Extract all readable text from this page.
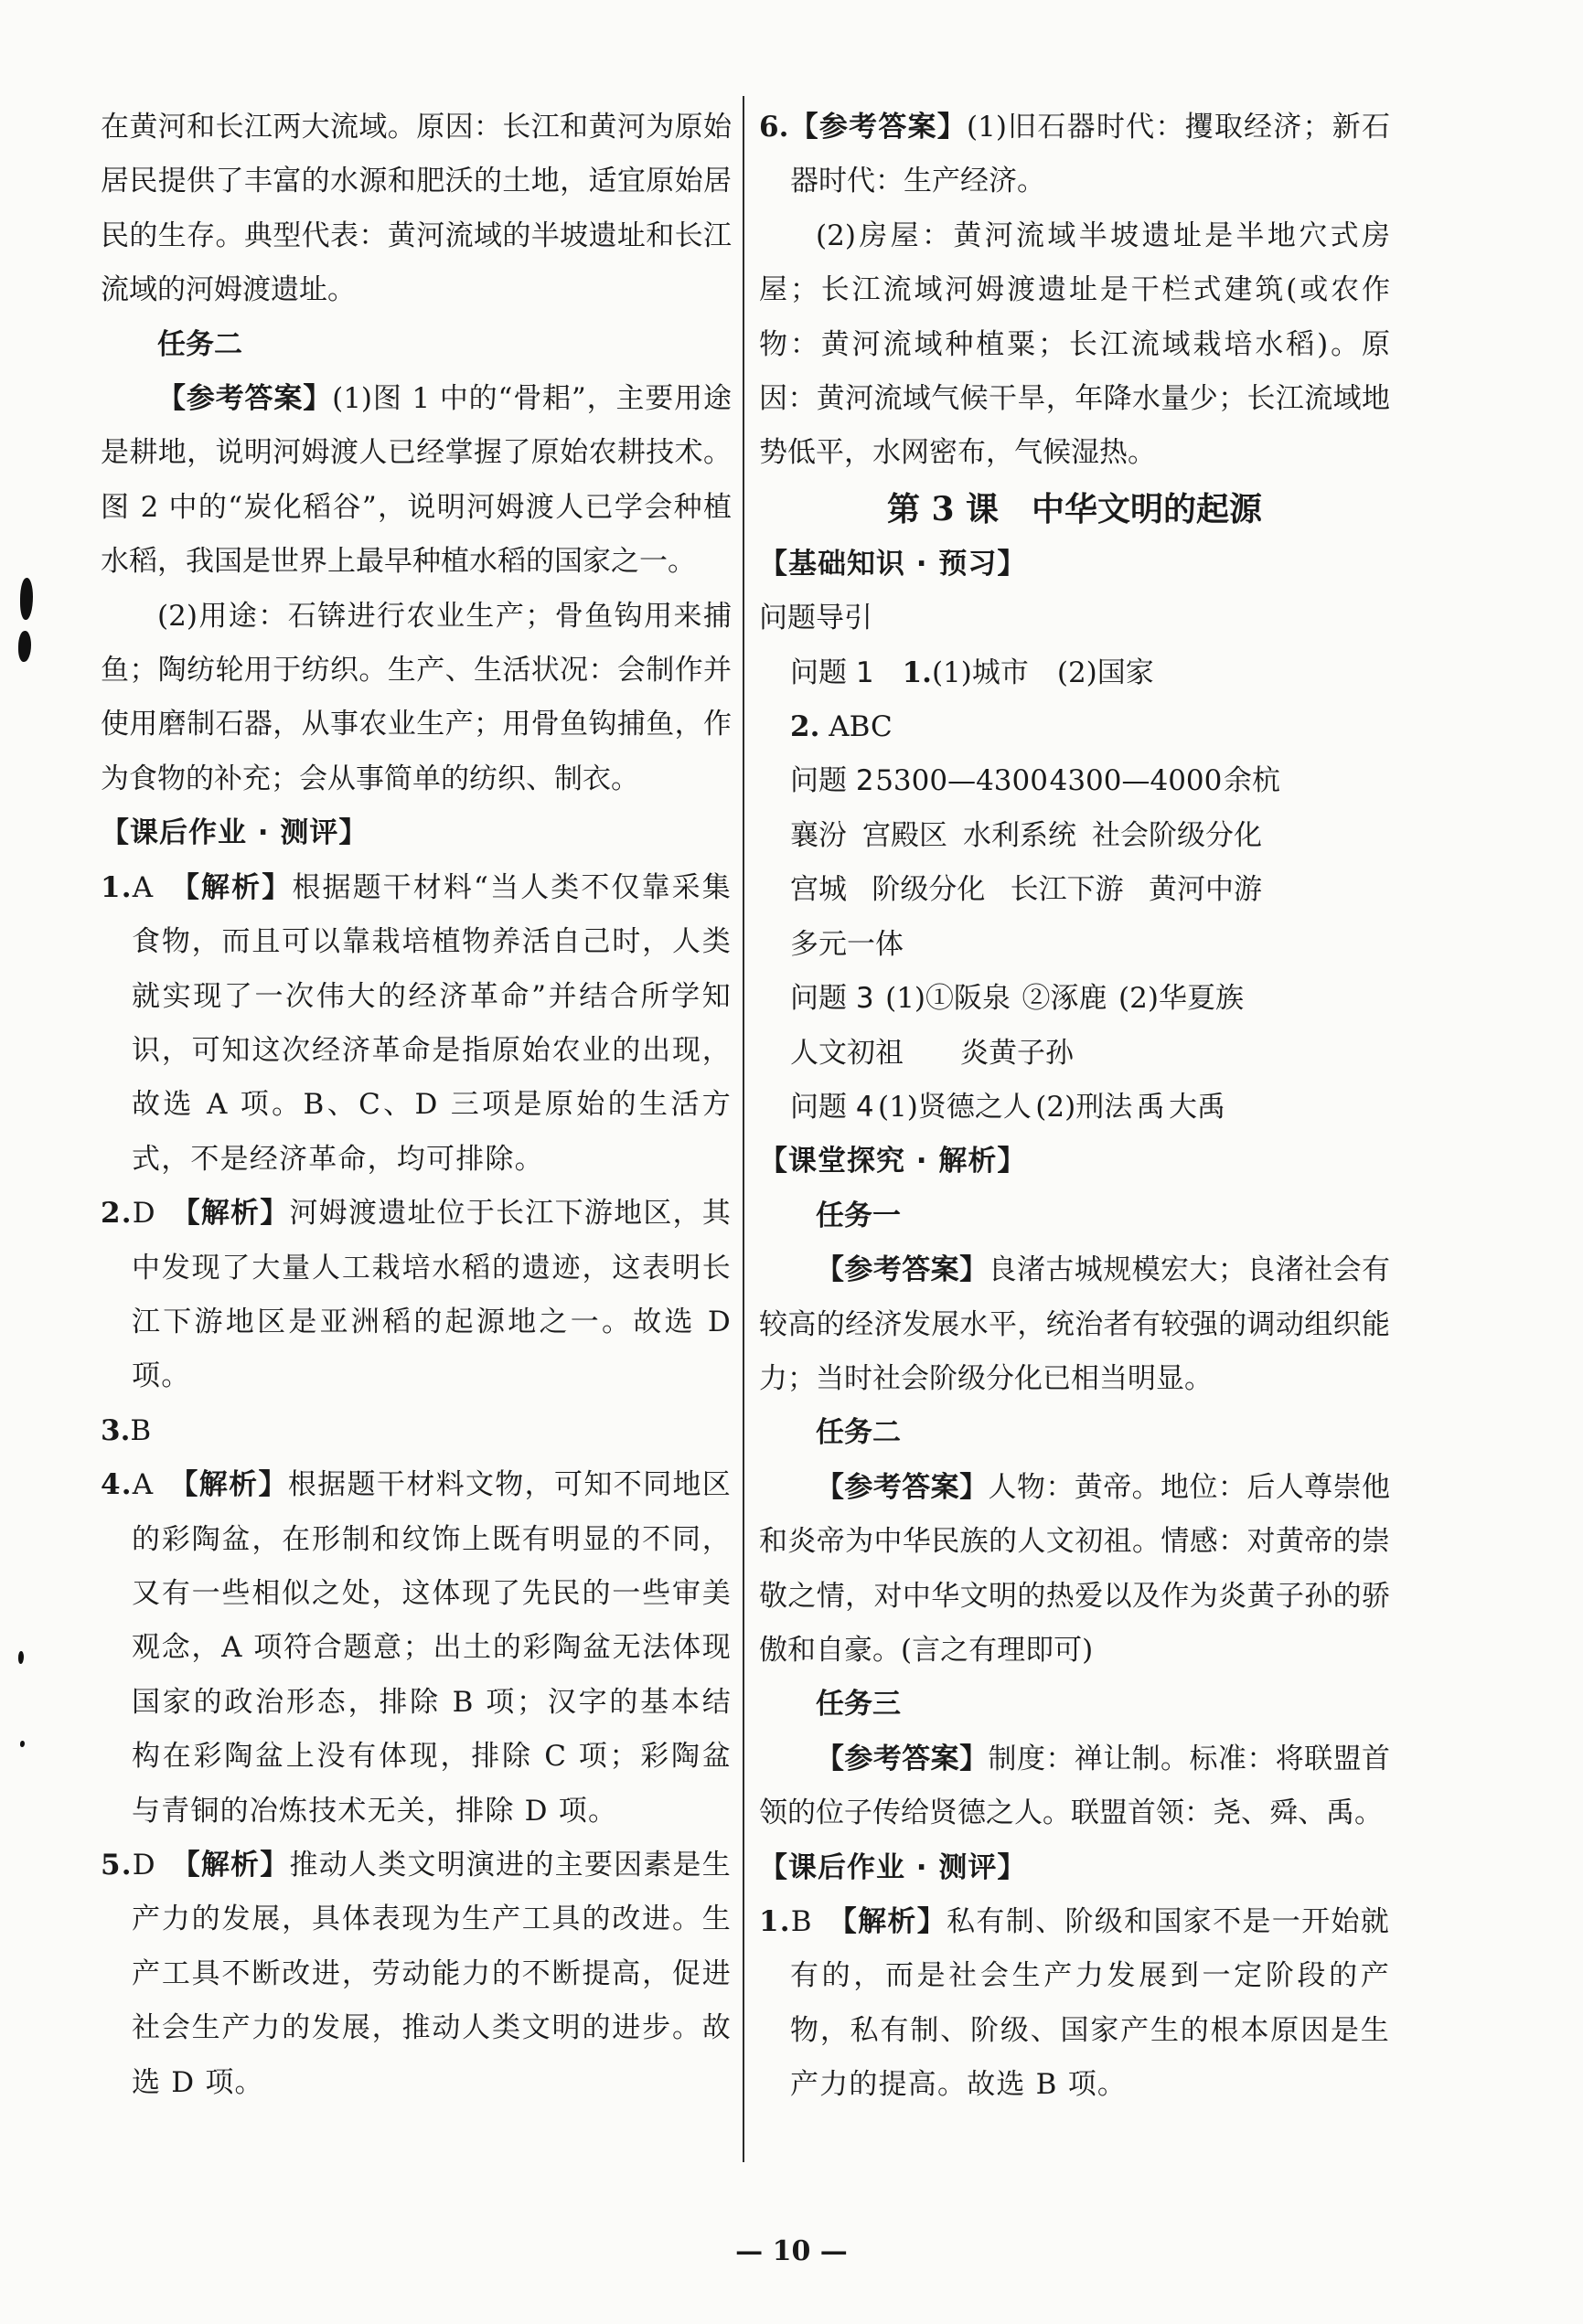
在黄河和长江两大流域。原因：长江和黄河为原始居民提供了丰富的水源和肥沃的土地，适宜原始居民的生存。典型代表：黄河流域的半坡遗址和长江流域的河姆渡遗址。
任务二
【参考答案】(1)图 1 中的“骨耜”，主要用途是耕地，说明河姆渡人已经掌握了原始农耕技术。图 2 中的“炭化稻谷”，说明河姆渡人已学会种植水稻，我国是世界上最早种植水稻的国家之一。
(2)用途：石锛进行农业生产；骨鱼钩用来捕鱼；陶纺轮用于纺织。生产、生活状况：会制作并使用磨制石器，从事农业生产；用骨鱼钩捕鱼，作为食物的补充；会从事简单的纺织、制衣。
【课后作业 · 测评】
1.A　 【解析】根据题干材料“当人类不仅靠采集食物，而且可以靠栽培植物养活自己时，人类就实现了一次伟大的经济革命”并结合所学知识，可知这次经济革命是指原始农业的出现，故选 A 项。B、C、D 三项是原始的生活方式，不是经济革命，均可排除。
2.D　 【解析】河姆渡遗址位于长江下游地区，其中发现了大量人工栽培水稻的遗迹，这表明长江下游地区是亚洲稻的起源地之一。故选 D 项。
3.B
4.A　 【解析】根据题干材料文物，可知不同地区的彩陶盆，在形制和纹饰上既有明显的不同，又有一些相似之处，这体现了先民的一些审美观念，A 项符合题意；出土的彩陶盆无法体现国家的政治形态，排除 B 项；汉字的基本结构在彩陶盆上没有体现，排除 C 项；彩陶盆与青铜的冶炼技术无关，排除 D 项。
5.D　 【解析】推动人类文明演进的主要因素是生产力的发展，具体表现为生产工具的改进。生产工具不断改进，劳动能力的不断提高，促进社会生产力的发展，推动人类文明的进步。故选 D 项。
6.【参考答案】(1)旧石器时代：攫取经济；新石器时代：生产经济。
(2)房屋：黄河流域半坡遗址是半地穴式房屋；长江流域河姆渡遗址是干栏式建筑(或农作物：黄河流域种植粟；长江流域栽培水稻)。原因：黄河流域气候干旱，年降水量少；长江流域地势低平，水网密布，气候湿热。
第 3 课　中华文明的起源
【基础知识 · 预习】
问题导引
问题 1　 1.(1)城市　(2)国家
2. ABC
问题 2 5300—4300 4300—4000 余杭
襄汾 宫殿区 水利系统 社会阶级分化
宫城 阶级分化 长江下游 黄河中游
多元一体
问题 3 (1)①阪泉 ②涿鹿 (2)华夏族
人文初祖　　 炎黄子孙
问题 4 (1)贤德之人 (2)刑法 禹 大禹
【课堂探究 · 解析】
任务一
【参考答案】良渚古城规模宏大；良渚社会有较高的经济发展水平，统治者有较强的调动组织能力；当时社会阶级分化已相当明显。
任务二
【参考答案】人物：黄帝。地位：后人尊崇他和炎帝为中华民族的人文初祖。情感：对黄帝的崇敬之情，对中华文明的热爱以及作为炎黄子孙的骄傲和自豪。(言之有理即可)
任务三
【参考答案】制度：禅让制。标准：将联盟首领的位子传给贤德之人。联盟首领：尧、舜、禹。
【课后作业 · 测评】
1.B　 【解析】私有制、阶级和国家不是一开始就有的，而是社会生产力发展到一定阶段的产物，私有制、阶级、国家产生的根本原因是生产力的提高。故选 B 项。
— 10 —
